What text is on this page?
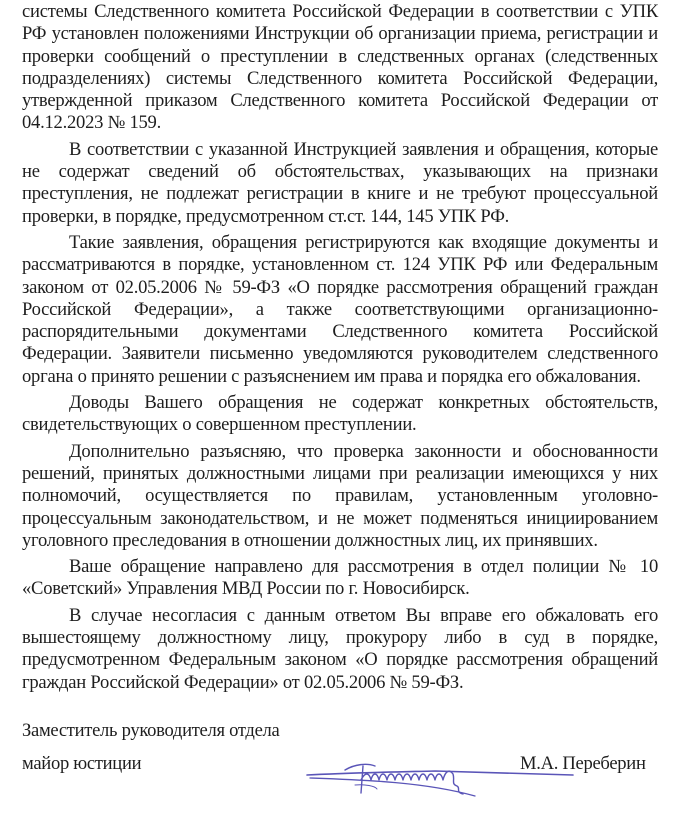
системы Следственного комитета Российской Федерации в соответствии с УПК РФ установлен положениями Инструкции об организации приема, регистрации и проверки сообщений о преступлении в следственных органах (следственных подразделениях) системы Следственного комитета Российской Федерации, утвержденной приказом Следственного комитета Российской Федерации от 04.12.2023 № 159.

В соответствии с указанной Инструкцией заявления и обращения, которые не содержат сведений об обстоятельствах, указывающих на признаки преступления, не подлежат регистрации в книге и не требуют процессуальной проверки, в порядке, предусмотренном ст.ст. 144, 145 УПК РФ.

Такие заявления, обращения регистрируются как входящие документы и рассматриваются в порядке, установленном ст. 124 УПК РФ или Федеральным законом от 02.05.2006 № 59-ФЗ «О порядке рассмотрения обращений граждан Российской Федерации», а также соответствующими организационно-распорядительными документами Следственного комитета Российской Федерации. Заявители письменно уведомляются руководителем следственного органа о принято решении с разъяснением им права и порядка его обжалования.

Доводы Вашего обращения не содержат конкретных обстоятельств, свидетельствующих о совершенном преступлении.

Дополнительно разъясняю, что проверка законности и обоснованности решений, принятых должностными лицами при реализации имеющихся у них полномочий, осуществляется по правилам, установленным уголовно-процессуальным законодательством, и не может подменяться инициированием уголовного преследования в отношении должностных лиц, их принявших.

Ваше обращение направлено для рассмотрения в отдел полиции № 10 «Советский» Управления МВД России по г. Новосибирск.

В случае несогласия с данным ответом Вы вправе его обжаловать его вышестоящему должностному лицу, прокурору либо в суд в порядке, предусмотренном Федеральным законом «О порядке рассмотрения обращений граждан Российской Федерации» от 02.05.2006 № 59-ФЗ.

Заместитель руководителя отдела
майор юстиции	М.А. Переберин
